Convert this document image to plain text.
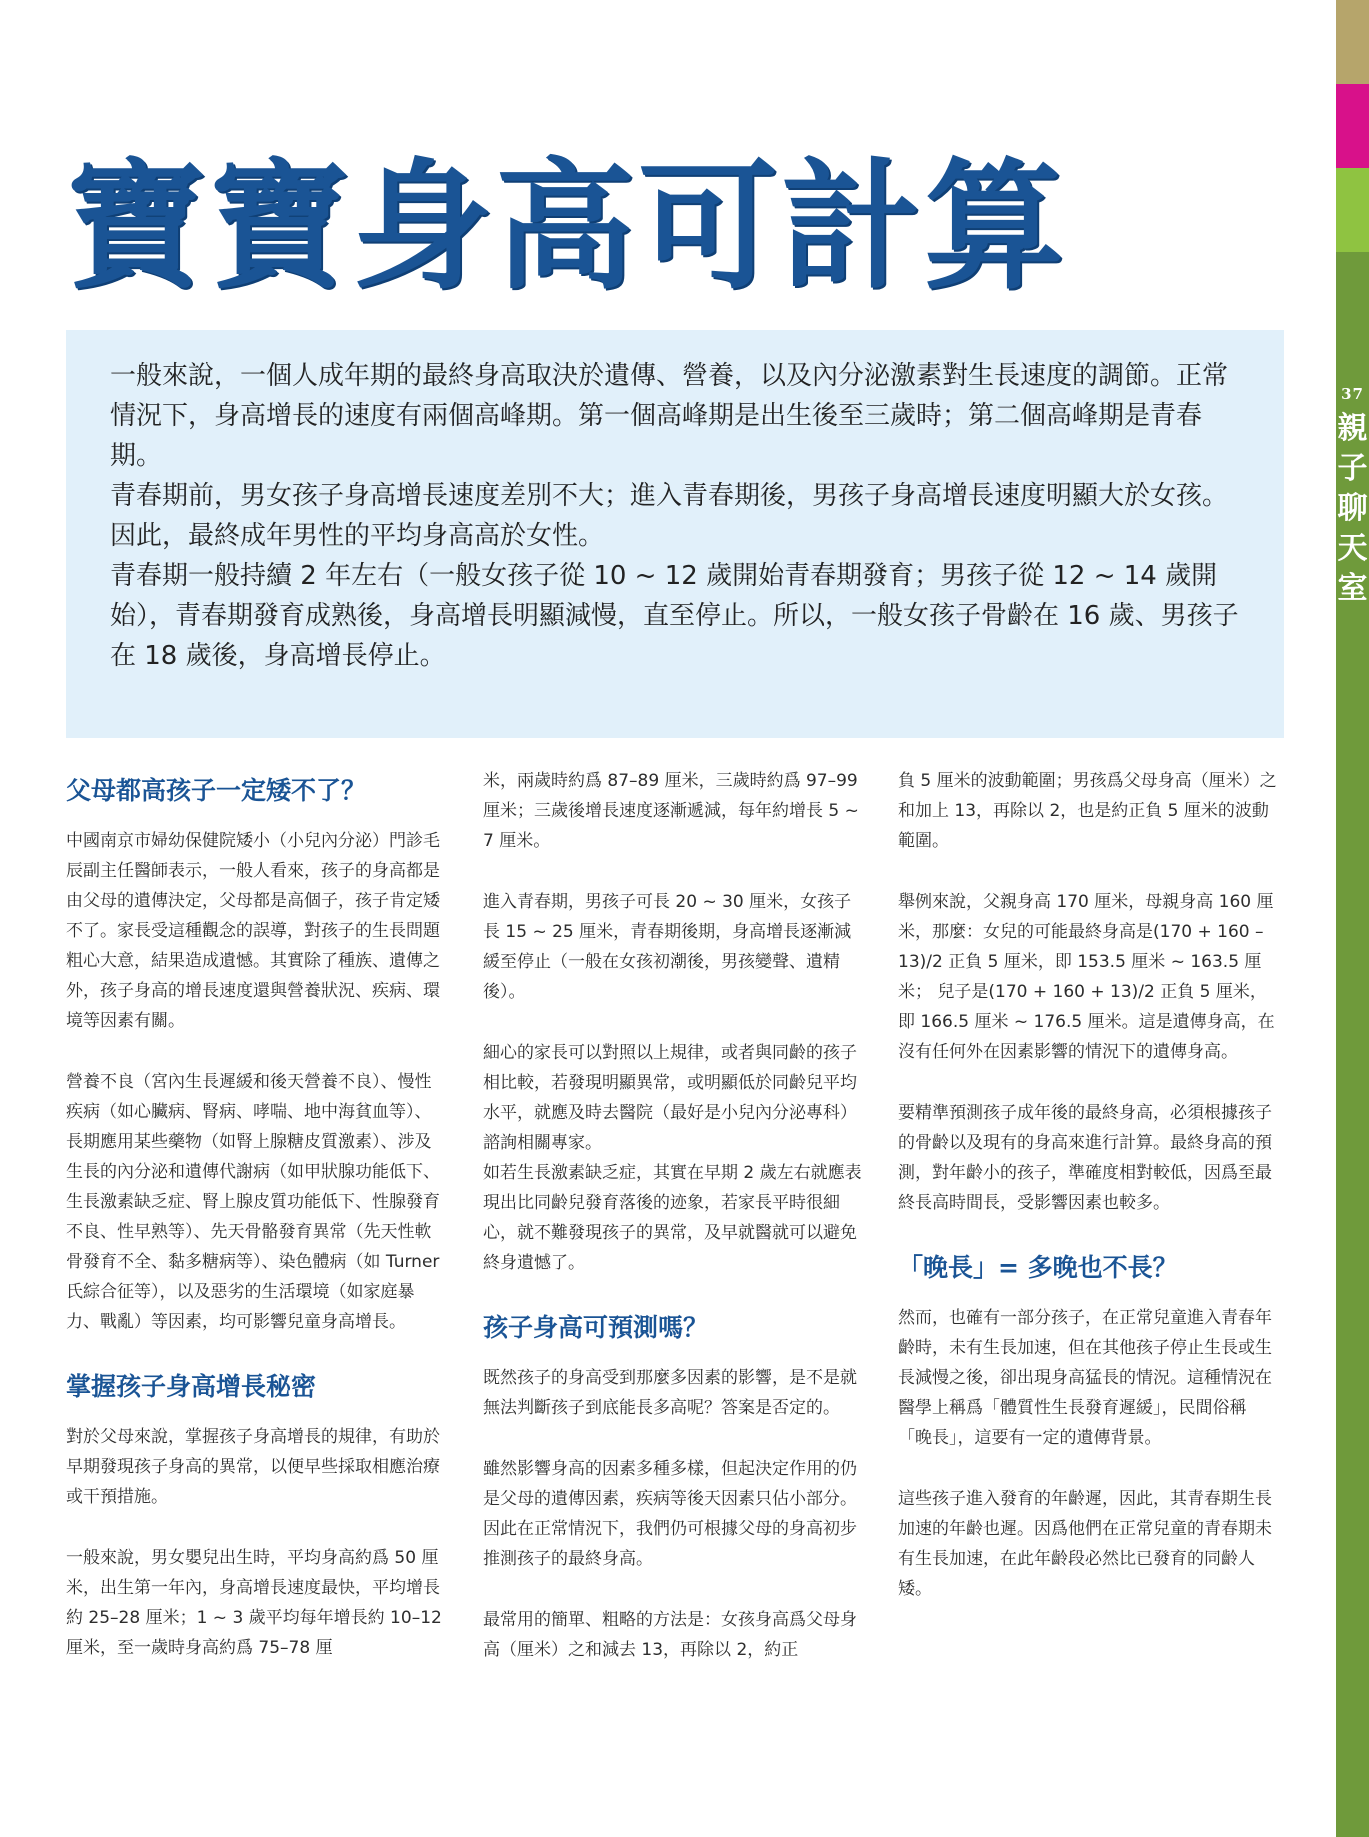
37
親
子
聊
天
室
寶寶身高可計算

一般來說，一個人成年期的最終身高取決於遺傳、營養，以及內分泌激素對生長速度的調節。正常情況下，身高增長的速度有兩個高峰期。第一個高峰期是出生後至三歲時；第二個高峰期是青春期。

青春期前，男女孩子身高增長速度差別不大；進入青春期後，男孩子身高增長速度明顯大於女孩。因此，最終成年男性的平均身高高於女性。

青春期一般持續 2 年左右（一般女孩子從 10 ~ 12 歲開始青春期發育；男孩子從 12 ~ 14 歲開始），青春期發育成熟後，身高增長明顯減慢，直至停止。所以，一般女孩子骨齡在 16 歲、男孩子在 18 歲後，身高增長停止。

父母都高孩子一定矮不了？

中國南京市婦幼保健院矮小（小兒內分泌）門診毛辰副主任醫師表示，一般人看來，孩子的身高都是由父母的遺傳決定，父母都是高個子，孩子肯定矮不了。家長受這種觀念的誤導，對孩子的生長問題粗心大意，結果造成遺憾。其實除了種族、遺傳之外，孩子身高的增長速度還與營養狀況、疾病、環境等因素有關。

營養不良（宮內生長遲緩和後天營養不良）、慢性疾病（如心臟病、腎病、哮喘、地中海貧血等）、長期應用某些藥物（如腎上腺糖皮質激素）、涉及生長的內分泌和遺傳代謝病（如甲狀腺功能低下、生長激素缺乏症、腎上腺皮質功能低下、性腺發育不良、性早熟等）、先天骨骼發育異常（先天性軟骨發育不全、黏多糖病等）、染色體病（如 Turner 氏綜合征等），以及惡劣的生活環境（如家庭暴力、戰亂）等因素，均可影響兒童身高增長。

掌握孩子身高增長秘密

對於父母來說，掌握孩子身高增長的規律，有助於早期發現孩子身高的異常，以便早些採取相應治療或干預措施。

一般來說，男女嬰兒出生時，平均身高約爲 50 厘米，出生第一年內，身高增長速度最快，平均增長約 25–28 厘米；1 ~ 3 歲平均每年增長約 10–12 厘米，至一歲時身高約爲 75–78 厘

米，兩歲時約爲 87–89 厘米，三歲時約爲 97–99 厘米；三歲後增長速度逐漸遞減，每年約增長 5 ~ 7 厘米。

進入青春期，男孩子可長 20 ~ 30 厘米，女孩子長 15 ~ 25 厘米，青春期後期，身高增長逐漸減緩至停止（一般在女孩初潮後，男孩變聲、遺精後）。

細心的家長可以對照以上規律，或者與同齡的孩子相比較，若發現明顯異常，或明顯低於同齡兒平均水平，就應及時去醫院（最好是小兒內分泌專科）諮詢相關專家。

如若生長激素缺乏症，其實在早期 2 歲左右就應表現出比同齡兒發育落後的迹象，若家長平時很細心，就不難發現孩子的異常，及早就醫就可以避免終身遺憾了。

孩子身高可預測嗎？

既然孩子的身高受到那麼多因素的影響，是不是就無法判斷孩子到底能長多高呢？答案是否定的。

雖然影響身高的因素多種多樣，但起決定作用的仍是父母的遺傳因素，疾病等後天因素只佔小部分。因此在正常情況下，我們仍可根據父母的身高初步推測孩子的最終身高。

最常用的簡單、粗略的方法是：女孩身高爲父母身高（厘米）之和減去 13，再除以 2，約正

負 5 厘米的波動範圍；男孩爲父母身高（厘米）之和加上 13，再除以 2，也是約正負 5 厘米的波動範圍。

舉例來說，父親身高 170 厘米，母親身高 160 厘米，那麼：女兒的可能最終身高是(170 + 160 – 13)/2 正負 5 厘米，即 153.5 厘米 ~ 163.5 厘米； 兒子是(170 + 160 + 13)/2 正負 5 厘米，即 166.5 厘米 ~ 176.5 厘米。這是遺傳身高，在沒有任何外在因素影響的情況下的遺傳身高。

要精準預測孩子成年後的最終身高，必須根據孩子的骨齡以及現有的身高來進行計算。最終身高的預測，對年齡小的孩子，準確度相對較低，因爲至最終長高時間長，受影響因素也較多。

「晚長」= 多晚也不長？

然而，也確有一部分孩子，在正常兒童進入青春年齡時，未有生長加速，但在其他孩子停止生長或生長減慢之後，卻出現身高猛長的情況。這種情況在醫學上稱爲「體質性生長發育遲緩」，民間俗稱「晚長」，這要有一定的遺傳背景。

這些孩子進入發育的年齡遲，因此，其青春期生長加速的年齡也遲。因爲他們在正常兒童的青春期未有生長加速，在此年齡段必然比已發育的同齡人矮。
